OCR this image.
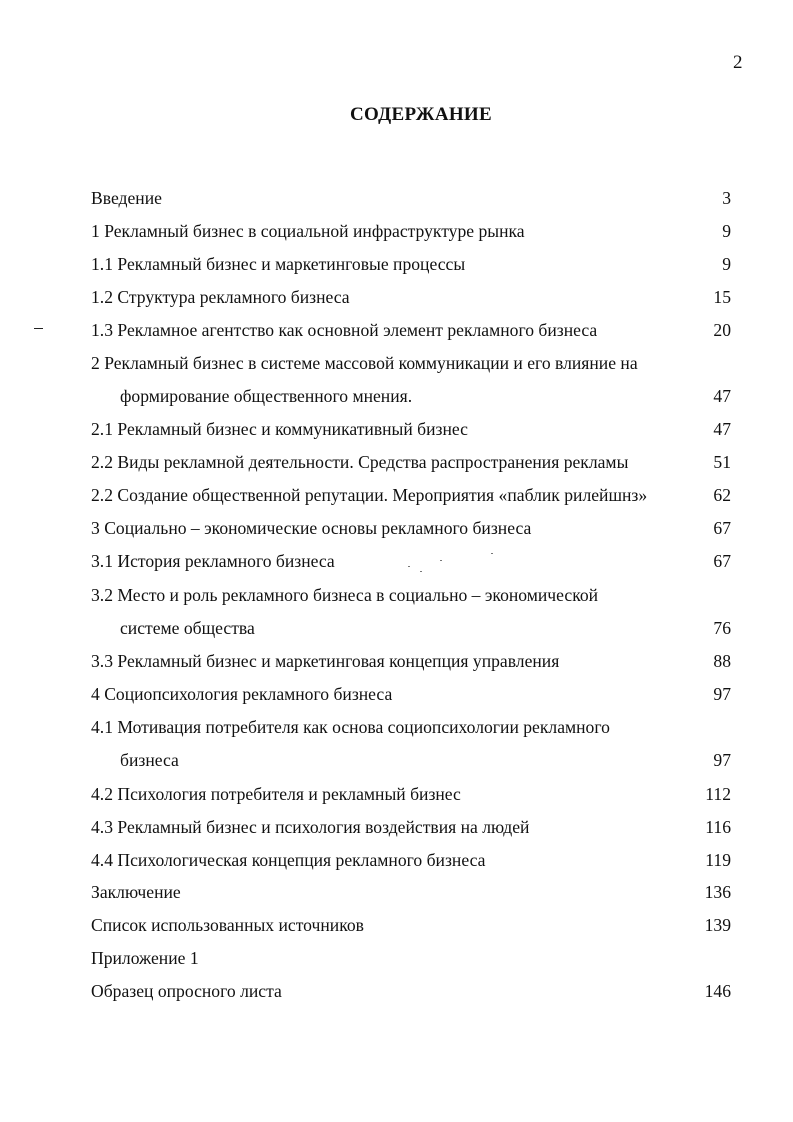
2
СОДЕРЖАНИЕ
Введение	3
1 Рекламный бизнес в социальной инфраструктуре рынка	9
1.1 Рекламный бизнес и маркетинговые процессы	9
1.2 Структура рекламного бизнеса	15
1.3 Рекламное агентство как основной элемент рекламного бизнеса	20
2 Рекламный бизнес в системе массовой коммуникации и его влияние на
формирование общественного мнения.	47
2.1 Рекламный бизнес и коммуникативный бизнес	47
2.2 Виды рекламной деятельности. Средства распространения рекламы	51
2.2 Создание общественной репутации. Мероприятия «паблик рилейшнз»	62
3 Социально – экономические основы рекламного бизнеса	67
3.1 История рекламного бизнеса	67
3.2 Место и роль рекламного бизнеса в социально – экономической
системе общества	76
3.3 Рекламный бизнес и маркетинговая концепция управления	88
4 Социопсихология рекламного бизнеса	97
4.1 Мотивация потребителя как основа социопсихологии рекламного
бизнеса	97
4.2 Психология потребителя и рекламный бизнес	112
4.3 Рекламный бизнес и психология воздействия на людей	116
4.4 Психологическая концепция рекламного бизнеса	119
Заключение	136
Список использованных источников	139
Приложение 1
Образец опросного листа	146
